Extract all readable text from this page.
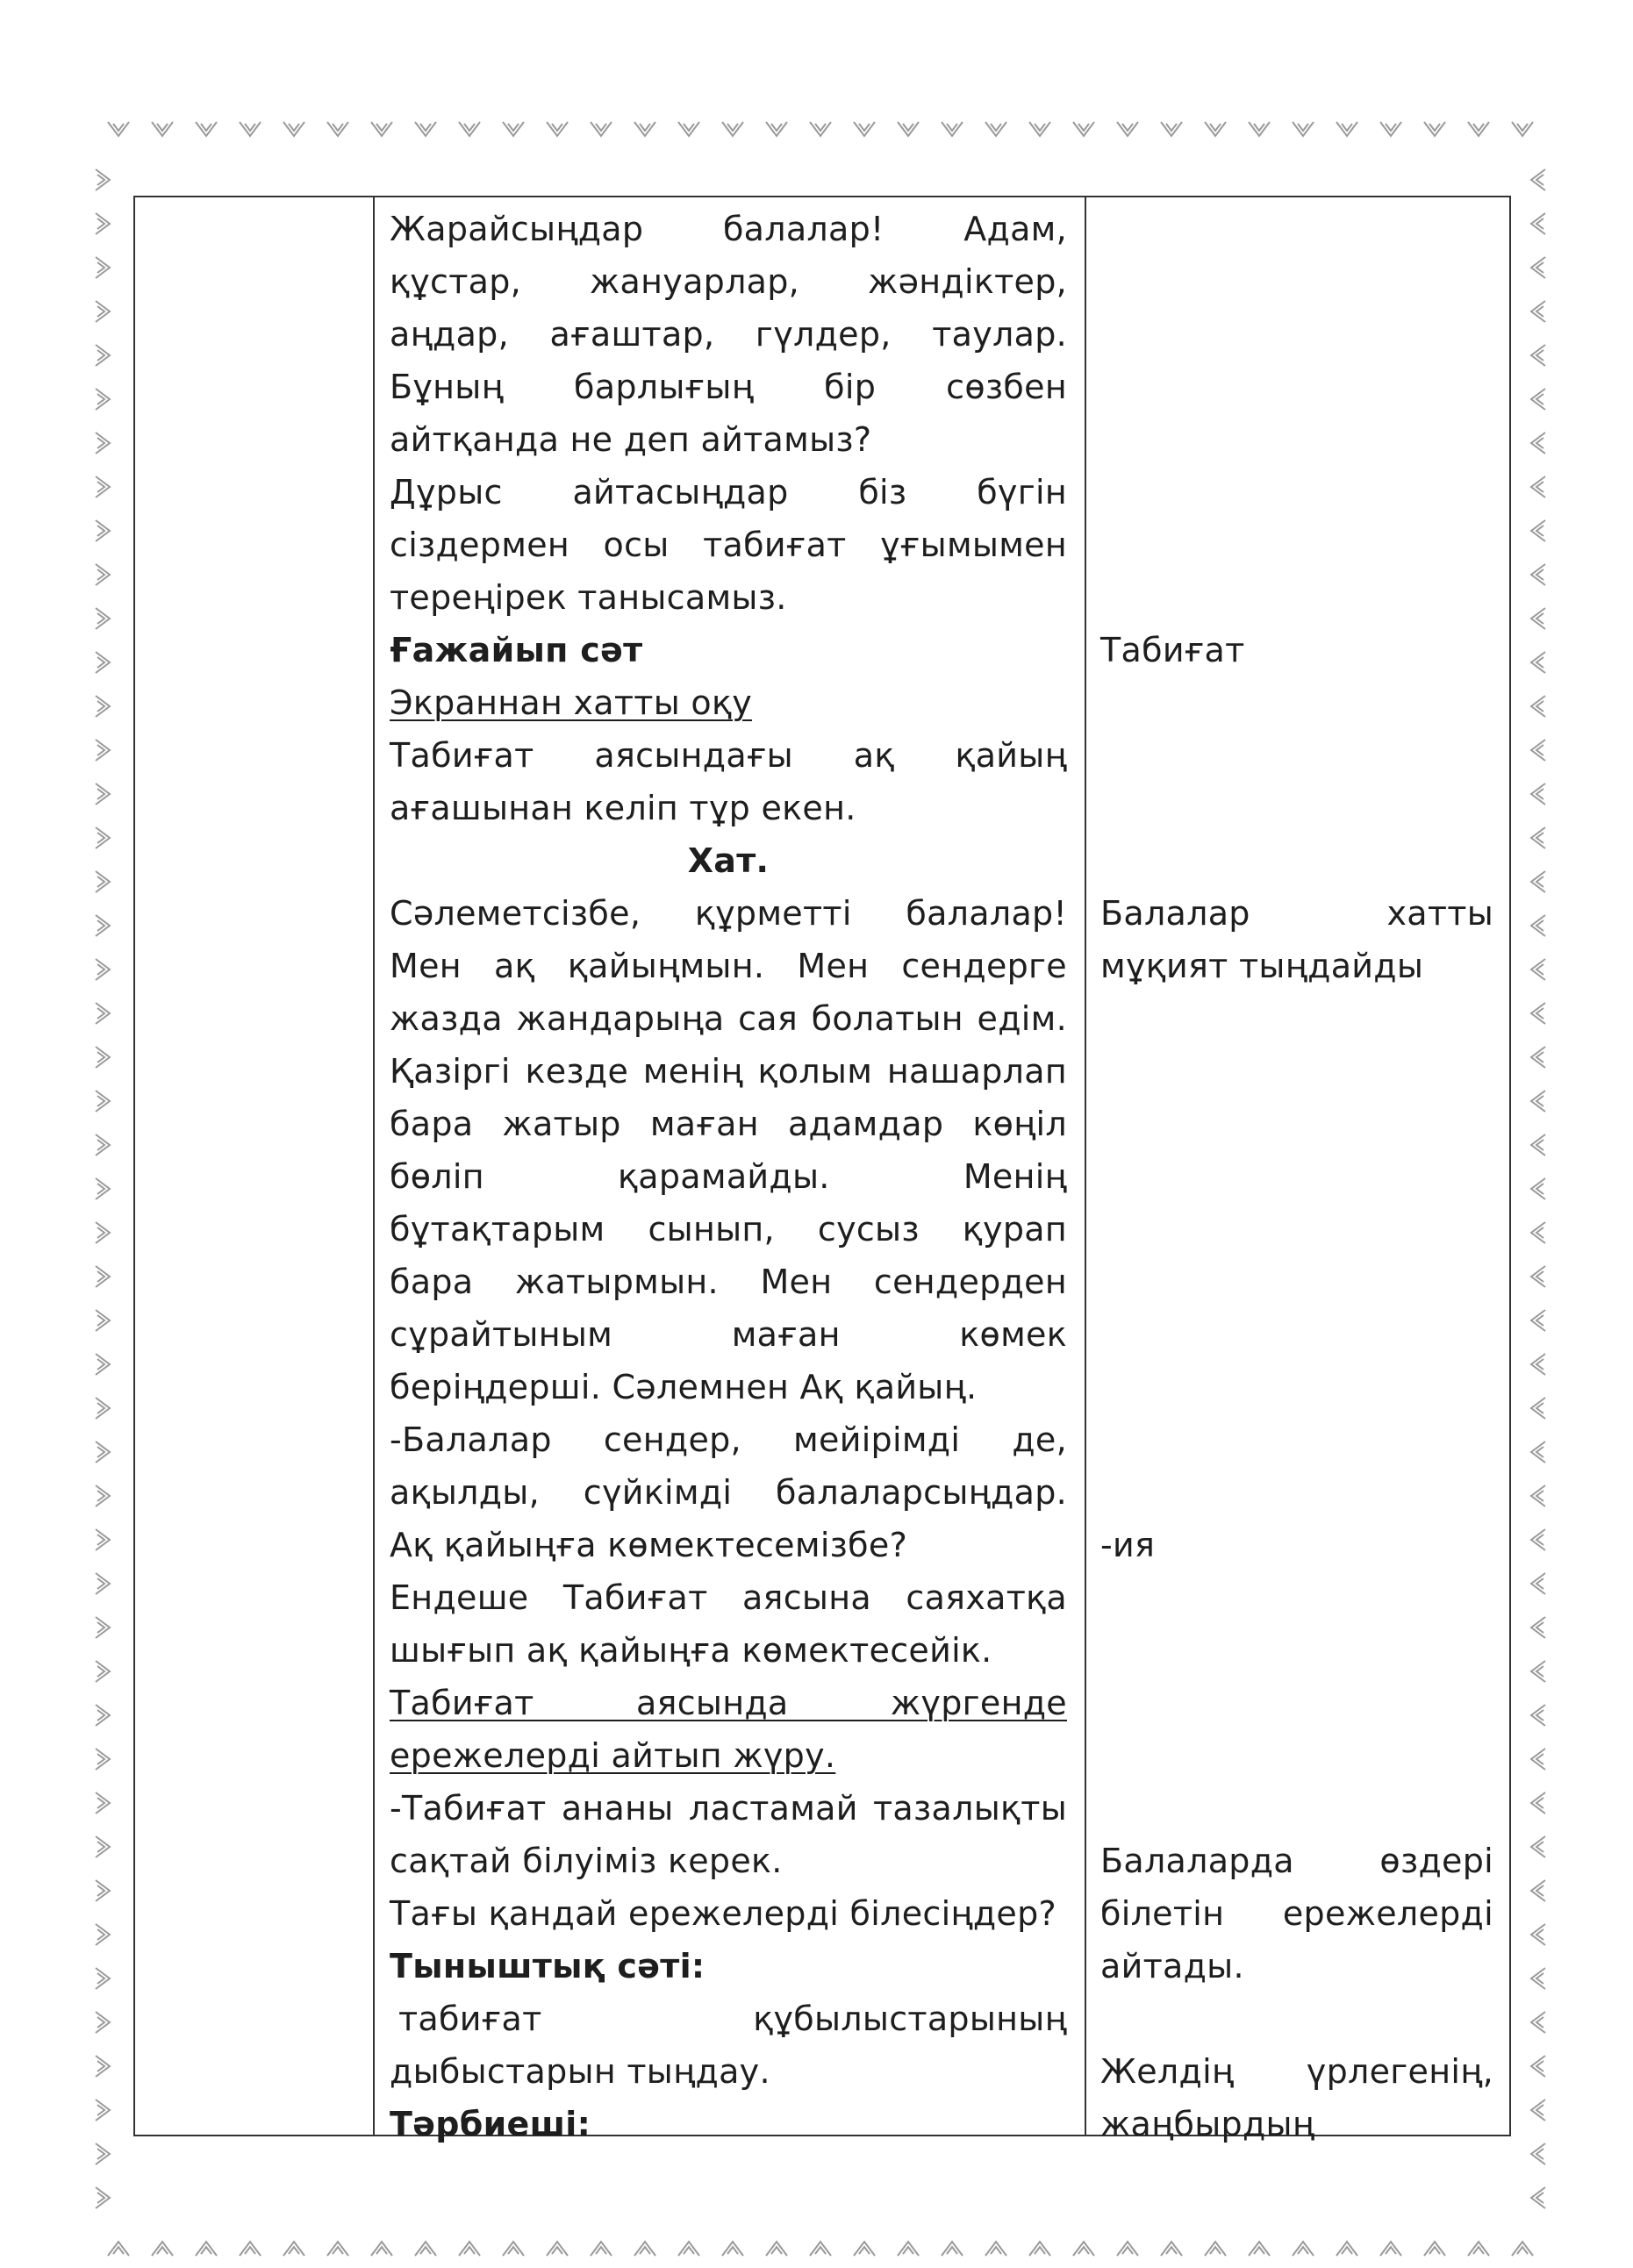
Жарайсыңдар балалар! Адам,
құстар, жануарлар, жәндіктер,
аңдар, ағаштар, гүлдер, таулар.
Бұның барлығың бір сөзбен
айтқанда не деп айтамыз?
Дұрыс айтасыңдар біз бүгін
сіздермен осы табиғат ұғымымен
тереңірек танысамыз.
Ғажайып сәт
Экраннан хатты оқу
Табиғат аясындағы ақ қайың
ағашынан келіп тұр екен.
Хат.
Сәлеметсізбе, құрметті балалар!
Мен ақ қайыңмын. Мен сендерге
жазда жандарыңа сая болатын едім.
Қазіргі кезде менің қолым нашарлап
бара жатыр маған адамдар көңіл
бөліп қарамайды. Менің
бұтақтарым сынып, сусыз қурап
бара жатырмын. Мен сендерден
сұрайтыным маған көмек
беріңдерші. Сәлемнен Ақ қайың.
-Балалар сендер, мейірімді де,
ақылды, сүйкімді балаларсыңдар.
Ақ қайыңға көмектесемізбе?
Ендеше Табиғат аясына саяхатқа
шығып ақ қайыңға көмектесейік.
Табиғат аясында жүргенде
ережелерді айтып жүру.
-Табиғат ананы ластамай тазалықты
сақтай білуіміз керек.
Тағы қандай ережелерді білесіңдер?
Тыныштық сәті:
табиғат құбылыстарының
дыбыстарын тыңдау.
Тәрбиеші:
Табиғат
Балалар хатты
мұқият тыңдайды
-ия
Балаларда өздері
білетін ережелерді
айтады.
Желдің үрлегенің,
жаңбырдың
